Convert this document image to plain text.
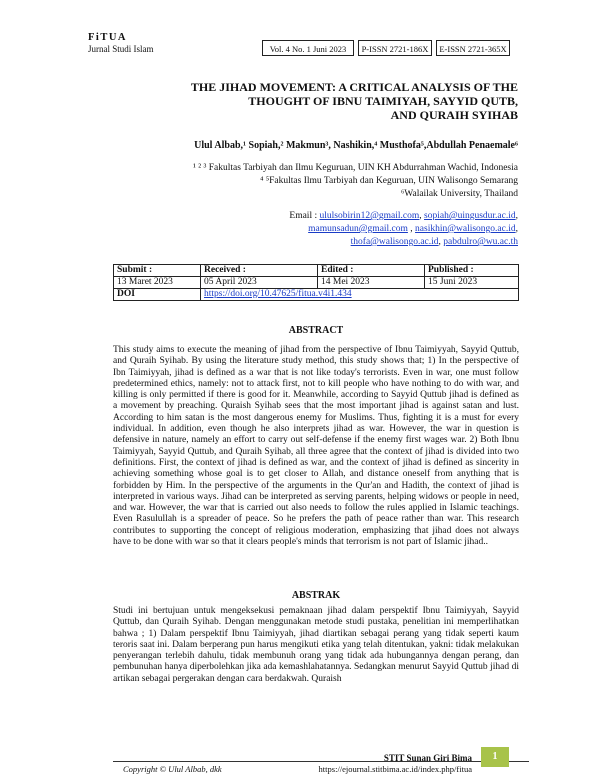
FiTUA
Jurnal Studi Islam	Vol. 4 No. 1 Juni 2023	P-ISSN 2721-186X	E-ISSN 2721-365X
THE JIHAD MOVEMENT: A CRITICAL ANALYSIS OF THE
THOUGHT OF IBNU TAIMIYAH, SAYYID QUTB,
AND QURAIH SYIHAB
Ulul Albab,¹ Sopiah,² Makmun³, Nashikin,⁴ Musthofa⁵,Abdullah Penaemale⁶
¹ ² ³ Fakultas Tarbiyah dan Ilmu Keguruan, UIN KH Abdurrahman Wachid, Indonesia
⁴ ⁵Fakultas Ilmu Tarbiyah dan Keguruan, UIN Walisongo Semarang
⁶Walailak University, Thailand
Email : ululsobirin12@gmail.com, sopiah@uingusdur.ac.id,
mamunsadun@gmail.com , nasikhin@walisongo.ac.id,
thofa@walisongo.ac.id, pabdulro@wu.ac.th
Submit :	Received :	Edited :	Published :
13 Maret 2023	05 April 2023	14 Mei 2023	15 Juni 2023
DOI	https://doi.org/10.47625/fitua.v4i1.434		
ABSTRACT
This study aims to execute the meaning of jihad from the perspective of Ibnu Taimiyyah, Sayyid Quttub, and Quraih Syihab. By using the literature study method, this study shows that; 1) In the perspective of Ibn Taimiyyah, jihad is defined as a war that is not like today's terrorists. Even in war, one must follow predetermined ethics, namely: not to attack first, not to kill people who have nothing to do with war, and killing is only permitted if there is good for it. Meanwhile, according to Sayyid Quttub jihad is defined as a movement by preaching. Quraish Syihab sees that the most important jihad is against satan and lust. According to him satan is the most dangerous enemy for Muslims. Thus, fighting it is a must for every individual. In addition, even though he also interprets jihad as war. However, the war in question is defensive in nature, namely an effort to carry out self-defense if the enemy first wages war. 2) Both Ibnu Taimiyyah, Sayyid Quttub, and Quraih Syihab, all three agree that the context of jihad is divided into two definitions. First, the context of jihad is defined as war, and the context of jihad is defined as sincerity in achieving something whose goal is to get closer to Allah, and distance oneself from anything that is forbidden by Him. In the perspective of the arguments in the Qur'an and Hadith, the context of jihad is interpreted in various ways. Jihad can be interpreted as serving parents, helping widows or people in need, and war. However, the war that is carried out also needs to follow the rules applied in Islamic teachings. Even Rasulullah is a spreader of peace. So he prefers the path of peace rather than war. This research contributes to supporting the concept of religious moderation, emphasizing that jihad does not always have to be done with war so that it clears people's minds that terrorism is not part of Islamic jihad..
ABSTRAK
Studi ini bertujuan untuk mengeksekusi pemaknaan jihad dalam perspektif Ibnu Taimiyyah, Sayyid Quttub, dan Quraih Syihab. Dengan menggunakan metode studi pustaka, penelitian ini memperlihatkan bahwa ; 1) Dalam perspektif Ibnu Taimiyyah, jihad diartikan sebagai perang yang tidak seperti kaum teroris saat ini. Dalam berperang pun harus mengikuti etika yang telah ditentukan, yakni: tidak melakukan penyerangan terlebih dahulu, tidak membunuh orang yang tidak ada hubungannya dengan perang, dan pembunuhan hanya diperbolehkan jika ada kemashlahatannya. Sedangkan menurut Sayyid Quttub jihad di artikan sebagai pergerakan dengan cara berdakwah. Quraish
Copyright © Ulul Albab, dkk
STIT Sunan Giri Bima
https://ejournal.stitbima.ac.id/index.php/fitua
1
